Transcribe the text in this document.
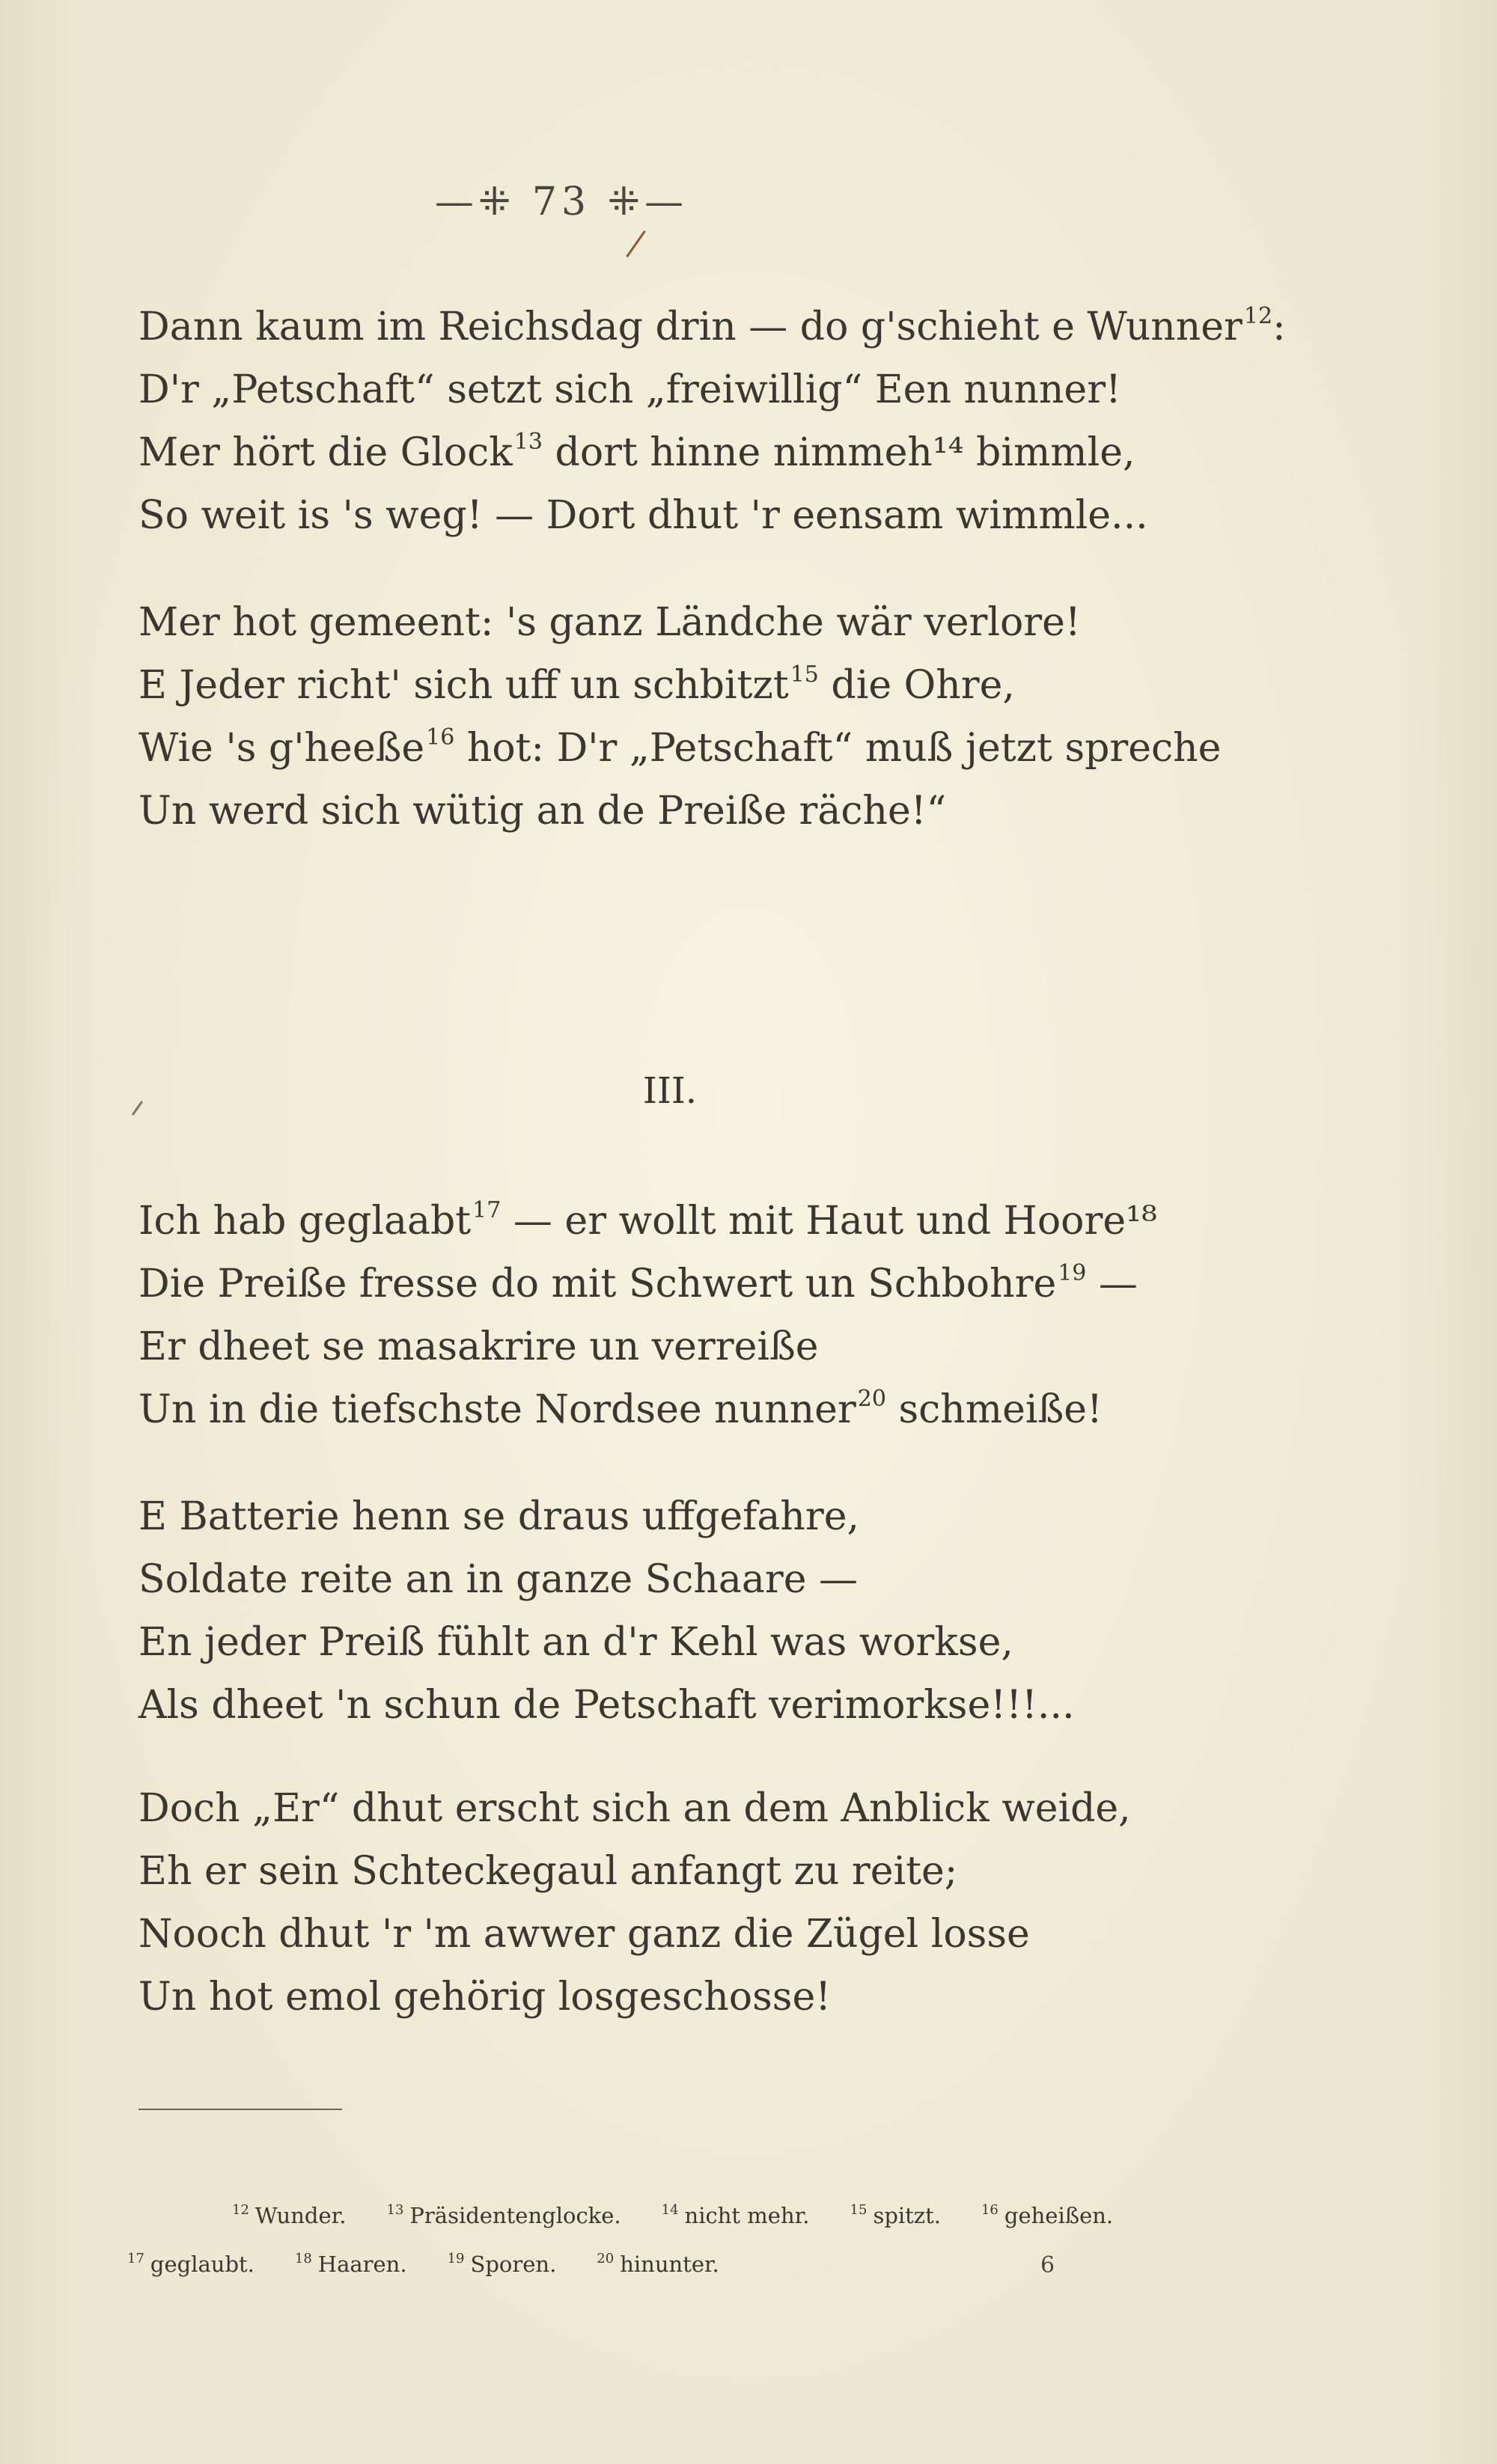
—⁜ 73 ⁜—
Dann kaum im Reichsdag drin — do g'schieht e Wunner$^{12}$:
D'r „Petschaft“ setzt sich „freiwillig“ Een nunner!
Mer hört die Glock$^{13}$ dort hinne nimmeh¹⁴ bimmle,
So weit is 's weg! — Dort dhut 'r eensam wimmle...
Mer hot gemeent: 's ganz Ländche wär verlore!
E Jeder richt' sich uff un schbitzt$^{15}$ die Ohre,
Wie 's g'heeße$^{16}$ hot: D'r „Petschaft“ muß jetzt spreche
Un werd sich wütig an de Preiße räche!“
III.
Ich hab geglaabt$^{17}$ — er wollt mit Haut und Hoore¹⁸
Die Preiße fresse do mit Schwert un Schbohre$^{19}$ —
Er dheet se masakrire un verreiße
Un in die tiefschste Nordsee nunner$^{20}$ schmeiße!
E Batterie henn se draus uffgefahre,
Soldate reite an in ganze Schaare —
En jeder Preiß fühlt an d'r Kehl was workse,
Als dheet 'n schun de Petschaft verimorkse!!!...
Doch „Er“ dhut erscht sich an dem Anblick weide,
Eh er sein Schteckegaul anfangt zu reite;
Nooch dhut 'r 'm awwer ganz die Zügel losse
Un hot emol gehörig losgeschosse!
$^{12}$ Wunder.	$^{13}$ Präsidentenglocke.	$^{14}$ nicht mehr.	$^{15}$ spitzt.	$^{16}$ geheißen.
$^{17}$ geglaubt.	$^{18}$ Haaren.	$^{19}$ Sporen.	$^{20}$ hinunter.	6
